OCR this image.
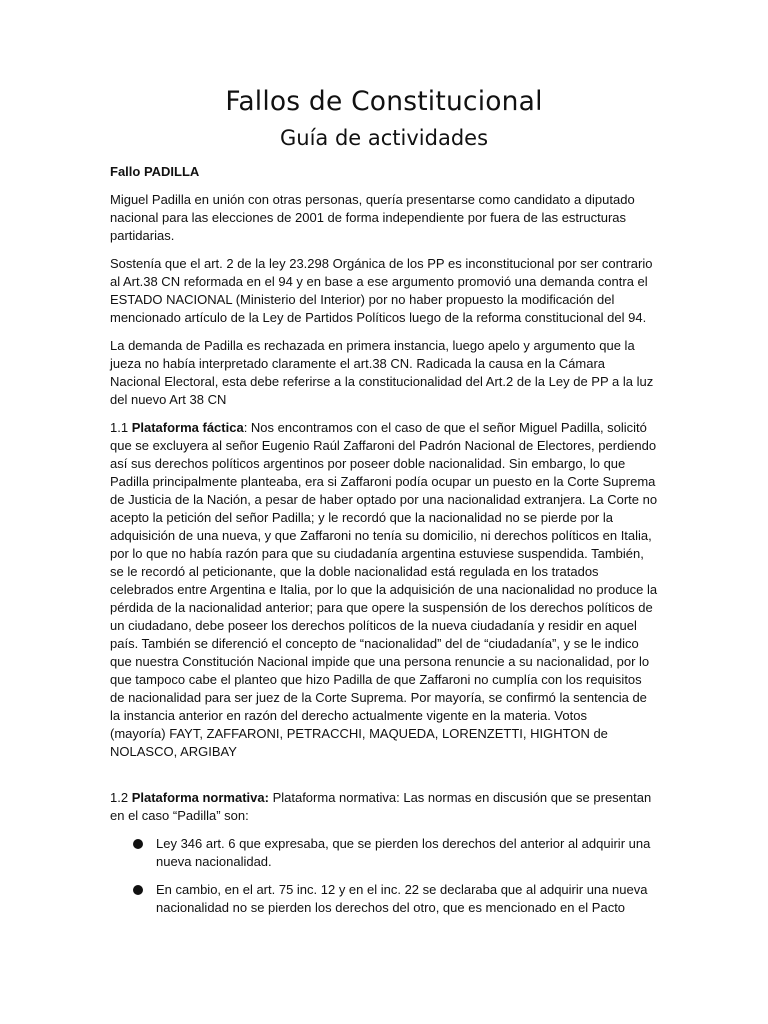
Fallos de Constitucional
Guía de actividades

Fallo PADILLA

Miguel Padilla en unión con otras personas, quería presentarse como candidato a diputado nacional para las elecciones de 2001 de forma independiente por fuera de las estructuras partidarias.

Sostenía que el art. 2 de la ley 23.298 Orgánica de los PP es inconstitucional por ser contrario al Art.38 CN reformada en el 94 y en base a ese argumento promovió una demanda contra el ESTADO NACIONAL (Ministerio del Interior) por no haber propuesto la modificación del mencionado artículo de la Ley de Partidos Políticos luego de la reforma constitucional del 94.

La demanda de Padilla es rechazada en primera instancia, luego apelo y argumento que la jueza no había interpretado claramente el art.38 CN. Radicada la causa en la Cámara Nacional Electoral, esta debe referirse a la constitucionalidad del Art.2 de la Ley de PP a la luz del nuevo Art 38 CN

1.1 Plataforma fáctica: Nos encontramos con el caso de que el señor Miguel Padilla, solicitó que se excluyera al señor Eugenio Raúl Zaffaroni del Padrón Nacional de Electores, perdiendo así sus derechos políticos argentinos por poseer doble nacionalidad. Sin embargo, lo que Padilla principalmente planteaba, era si Zaffaroni podía ocupar un puesto en la Corte Suprema de Justicia de la Nación, a pesar de haber optado por una nacionalidad extranjera. La Corte no acepto la petición del señor Padilla; y le recordó que la nacionalidad no se pierde por la adquisición de una nueva, y que Zaffaroni no tenía su domicilio, ni derechos políticos en Italia, por lo que no había razón para que su ciudadanía argentina estuviese suspendida. También, se le recordó al peticionante, que la doble nacionalidad está regulada en los tratados celebrados entre Argentina e Italia, por lo que la adquisición de una nacionalidad no produce la pérdida de la nacionalidad anterior; para que opere la suspensión de los derechos políticos de un ciudadano, debe poseer los derechos políticos de la nueva ciudadanía y residir en aquel país. También se diferenció el concepto de “nacionalidad” del de “ciudadanía”, y se le indico que nuestra Constitución Nacional impide que una persona renuncie a su nacionalidad, por lo que tampoco cabe el planteo que hizo Padilla de que Zaffaroni no cumplía con los requisitos de nacionalidad para ser juez de la Corte Suprema. Por mayoría, se confirmó la sentencia de la instancia anterior en razón del derecho actualmente vigente en la materia. Votos
(mayoría) FAYT, ZAFFARONI, PETRACCHI, MAQUEDA, LORENZETTI, HIGHTON de NOLASCO, ARGIBAY

1.2 Plataforma normativa: Plataforma normativa: Las normas en discusión que se presentan en el caso “Padilla” son:

Ley 346 art. 6 que expresaba, que se pierden los derechos del anterior al adquirir una nueva nacionalidad.
En cambio, en el art. 75 inc. 12 y en el inc. 22 se declaraba que al adquirir una nueva nacionalidad no se pierden los derechos del otro, que es mencionado en el Pacto
